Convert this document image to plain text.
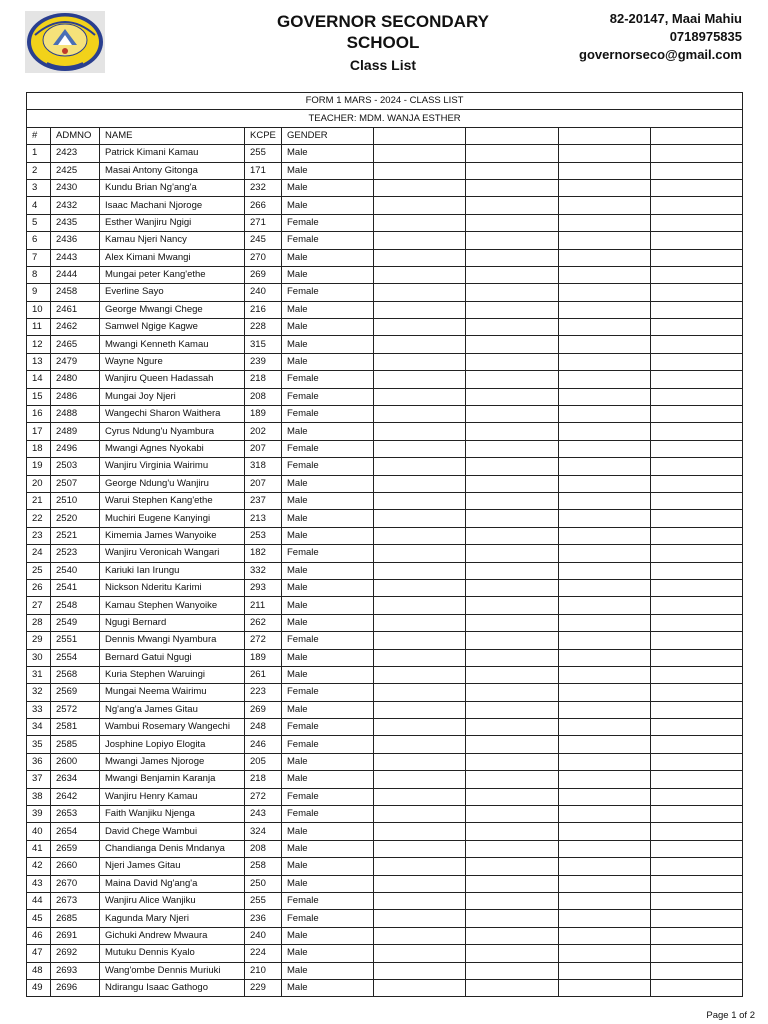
GOVERNOR SECONDARY
SCHOOL
Class List
82-20147, Maai Mahiu
0718975835
governorseco@gmail.com
FORM 1 MARS - 2024 - CLASS LIST								
TEACHER: MDM. WANJA ESTHER								
#	ADMNO	NAME	KCPE	GENDER				
1	2423	Patrick Kimani Kamau	255	Male				
2	2425	Masai Antony Gitonga	171	Male				
3	2430	Kundu Brian Ng'ang'a	232	Male				
4	2432	Isaac Machani Njoroge	266	Male				
5	2435	Esther Wanjiru Ngigi	271	Female				
6	2436	Kamau Njeri Nancy	245	Female				
7	2443	Alex Kimani Mwangi	270	Male				
8	2444	Mungai peter Kang'ethe	269	Male				
9	2458	Everline Sayo	240	Female				
10	2461	George Mwangi Chege	216	Male				
11	2462	Samwel Ngige Kagwe	228	Male				
12	2465	Mwangi Kenneth Kamau	315	Male				
13	2479	Wayne Ngure	239	Male				
14	2480	Wanjiru Queen Hadassah	218	Female				
15	2486	Mungai Joy Njeri	208	Female				
16	2488	Wangechi Sharon Waithera	189	Female				
17	2489	Cyrus Ndung'u Nyambura	202	Male				
18	2496	Mwangi Agnes Nyokabi	207	Female				
19	2503	Wanjiru Virginia Wairimu	318	Female				
20	2507	George Ndung'u Wanjiru	207	Male				
21	2510	Warui Stephen Kang'ethe	237	Male				
22	2520	Muchiri Eugene Kanyingi	213	Male				
23	2521	Kimemia James Wanyoike	253	Male				
24	2523	Wanjiru Veronicah Wangari	182	Female				
25	2540	Kariuki Ian Irungu	332	Male				
26	2541	Nickson Nderitu Karimi	293	Male				
27	2548	Kamau Stephen Wanyoike	211	Male				
28	2549	Ngugi Bernard	262	Male				
29	2551	Dennis Mwangi Nyambura	272	Female				
30	2554	Bernard Gatui Ngugi	189	Male				
31	2568	Kuria Stephen Waruingi	261	Male				
32	2569	Mungai Neema Wairimu	223	Female				
33	2572	Ng'ang'a James Gitau	269	Male				
34	2581	Wambui Rosemary Wangechi	248	Female				
35	2585	Josphine Lopiyo Elogita	246	Female				
36	2600	Mwangi James Njoroge	205	Male				
37	2634	Mwangi Benjamin Karanja	218	Male				
38	2642	Wanjiru Henry Kamau	272	Female				
39	2653	Faith Wanjiku Njenga	243	Female				
40	2654	David Chege Wambui	324	Male				
41	2659	Chandianga Denis Mndanya	208	Male				
42	2660	Njeri James Gitau	258	Male				
43	2670	Maina David Ng'ang'a	250	Male				
44	2673	Wanjiru Alice Wanjiku	255	Female				
45	2685	Kagunda Mary Njeri	236	Female				
46	2691	Gichuki Andrew Mwaura	240	Male				
47	2692	Mutuku Dennis Kyalo	224	Male				
48	2693	Wang'ombe Dennis Muriuki	210	Male				
49	2696	Ndirangu Isaac Gathogo	229	Male				
Page 1 of 2
